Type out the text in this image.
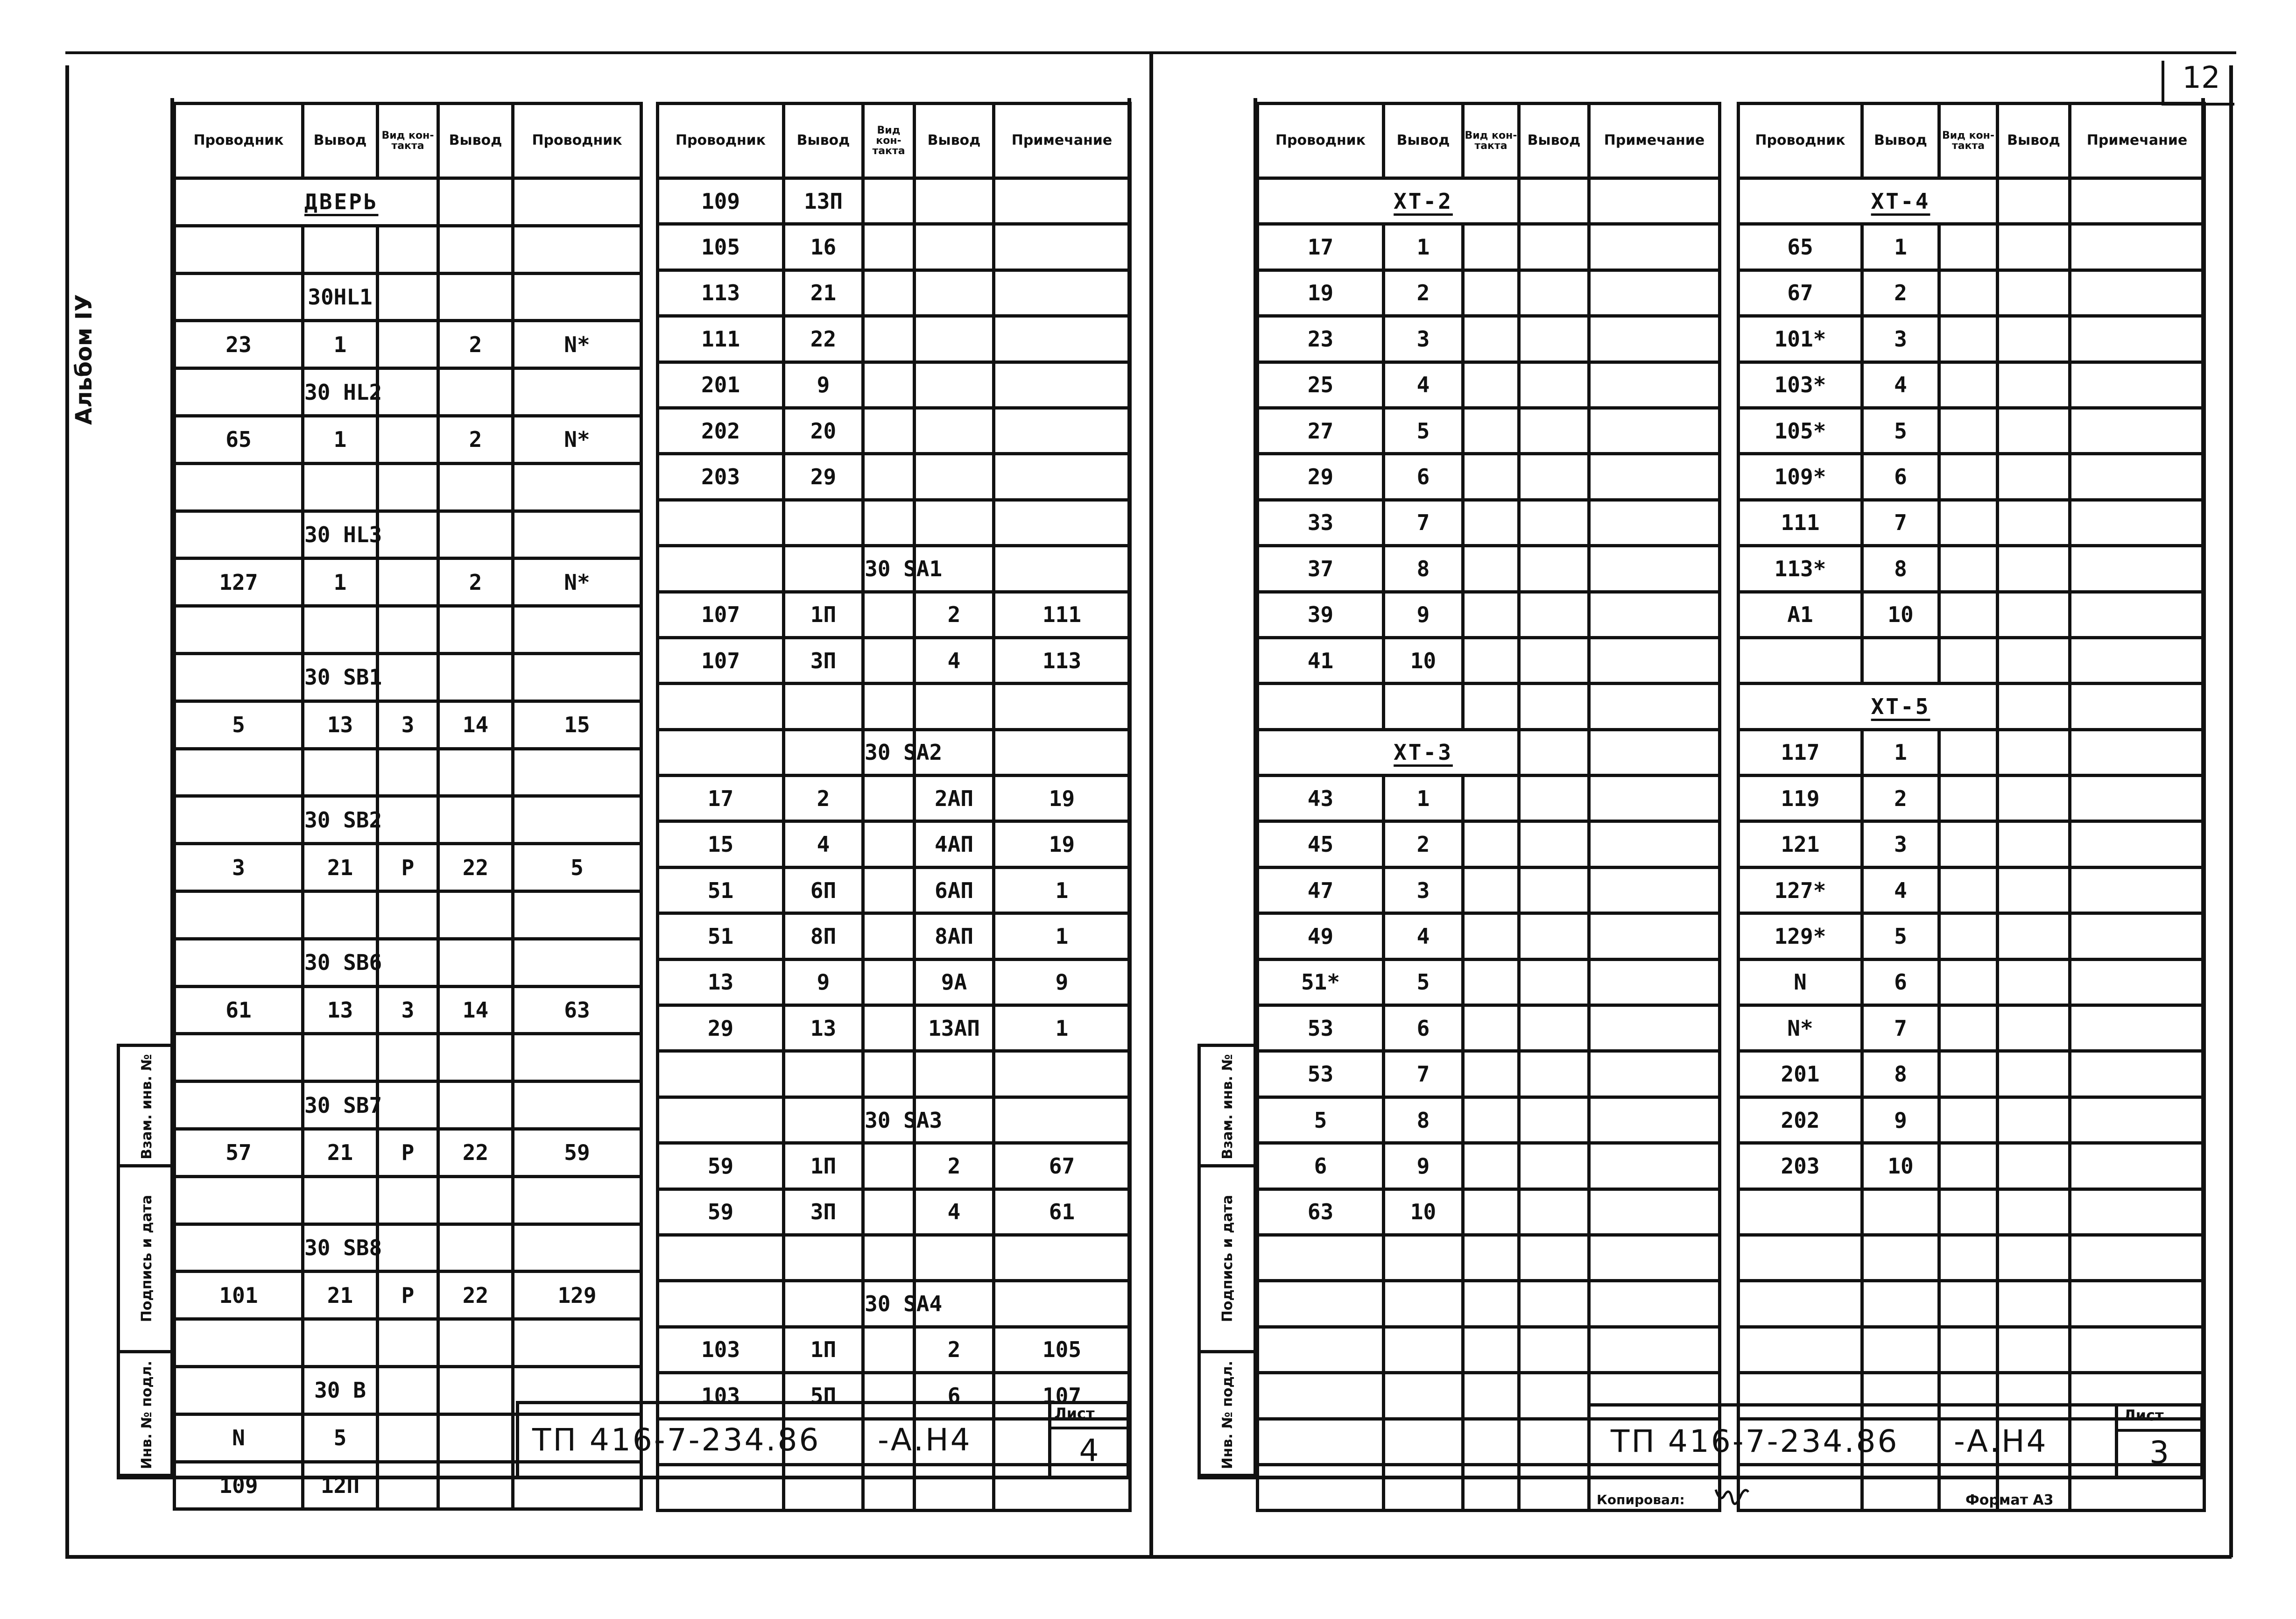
Альбом IУ
12
Взам. инв. №
Подпись и дата
Инв. № подл.
Проводник	Вывод	Вид кон-такта	Вывод	Проводник
	ДВЕРЬ			

	30HL1			
23	1		2	N*
	30 HL2			
65	1		2	N*

	30 HL3			
127	1		2	N*

	30 SB1			
5	13	3	14	15

	30 SB2			
3	21	P	22	5

	30 SB6			
61	13	3	14	63

	30 SB7			
57	21	P	22	59

	30 SB8			
101	21	P	22	129

	30 B			
N	5			
109	12П			
Проводник	Вывод	Вид кон-такта	Вывод	Примечание
109	13П			
105	16			
113	21			
111	22			
201	9			
202	20			
203	29			

		30 SA1		
107	1П		2	111
107	3П		4	113

		30 SA2		
17	2		2АП	19
15	4		4АП	19
51	6П		6АП	1
51	8П		8АП	1
13	9		9А	9
29	13		13АП	1

		30 SA3		
59	1П		2	67
59	3П		4	61

		30 SA4		
103	1П		2	105
103	5П		6	107

ТП 416-7-234.86 -А.Н4
Лист
4
Взам. инв. №
Подпись и дата
Инв. № подл.
Проводник	Вывод	Вид кон-такта	Вывод	Примечание
	XT-2			
17	1			
19	2			
23	3			
25	4			
27	5			
29	6			
33	7			
37	8			
39	9			
41	10			

	XT-3			
43	1			
45	2			
47	3			
49	4			
51*	5			
53	6			
53	7			
5	8			
6	9			
63	10			

Проводник	Вывод	Вид кон-такта	Вывод	Примечание
	XT-4			
65	1			
67	2			
101*	3			
103*	4			
105*	5			
109*	6			
111	7			
113*	8			
A1	10			

	XT-5			
117	1			
119	2			
121	3			
127*	4			
129*	5			
N	6			
N*	7			
201	8			
202	9			
203	10			

ТП 416-7-234.86 -А.Н4
Лист
3
Копировал:	Формат А3
